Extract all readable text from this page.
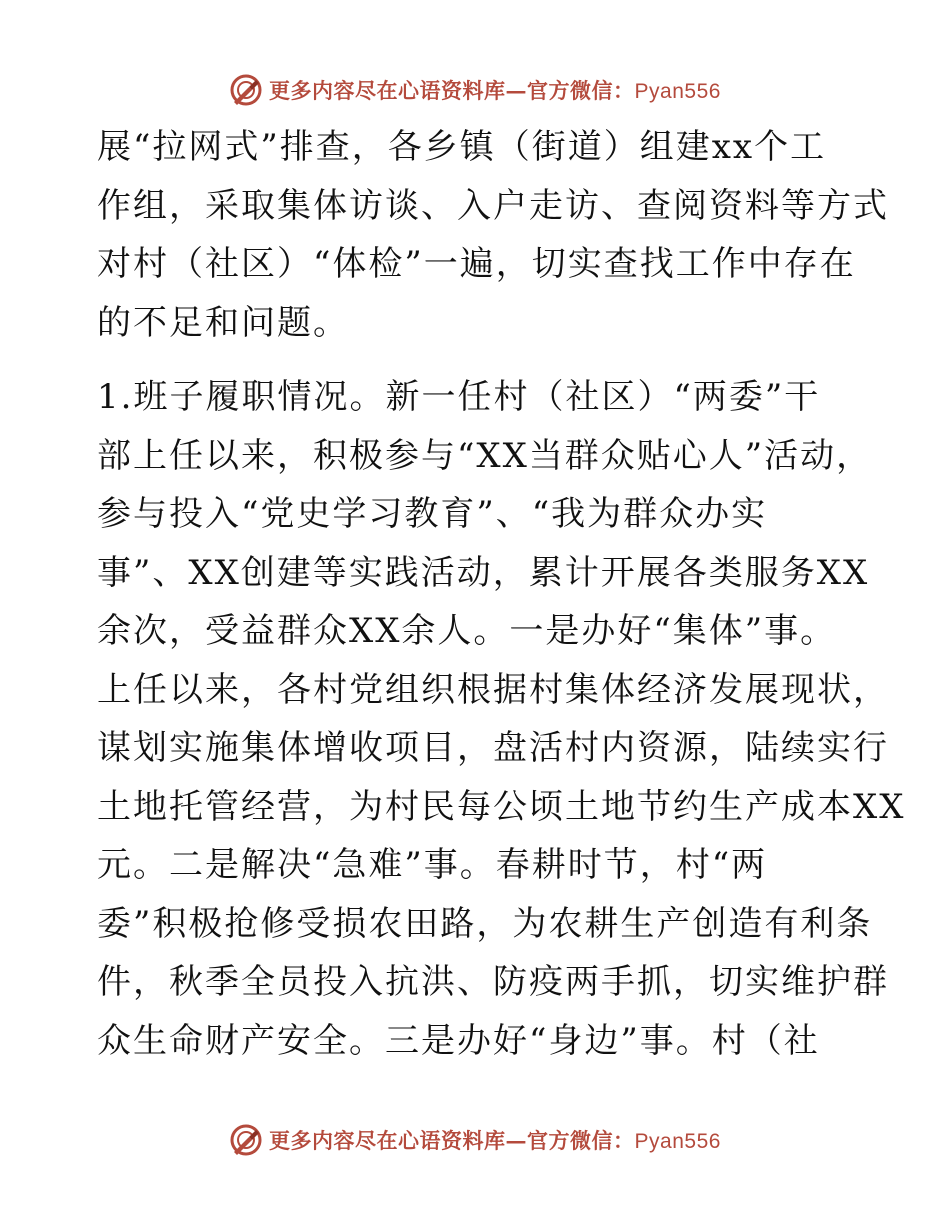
更多内容尽在心语资料库—官方微信：Pyan556
展“拉网式”排查，各乡镇（街道）组建xx个工
作组，采取集体访谈、入户走访、查阅资料等方式
对村（社区）“体检”一遍，切实查找工作中存在
的不足和问题。
1.班子履职情况。新一任村（社区）“两委”干
部上任以来，积极参与“XX当群众贴心人”活动，
参与投入“党史学习教育”、“我为群众办实
事”、XX创建等实践活动，累计开展各类服务XX
余次，受益群众XX余人。一是办好“集体”事。
上任以来，各村党组织根据村集体经济发展现状，
谋划实施集体增收项目，盘活村内资源，陆续实行
土地托管经营，为村民每公顷土地节约生产成本XX
元。二是解决“急难”事。春耕时节，村“两
委”积极抢修受损农田路，为农耕生产创造有利条
件，秋季全员投入抗洪、防疫两手抓，切实维护群
众生命财产安全。三是办好“身边”事。村（社
更多内容尽在心语资料库—官方微信：Pyan556
